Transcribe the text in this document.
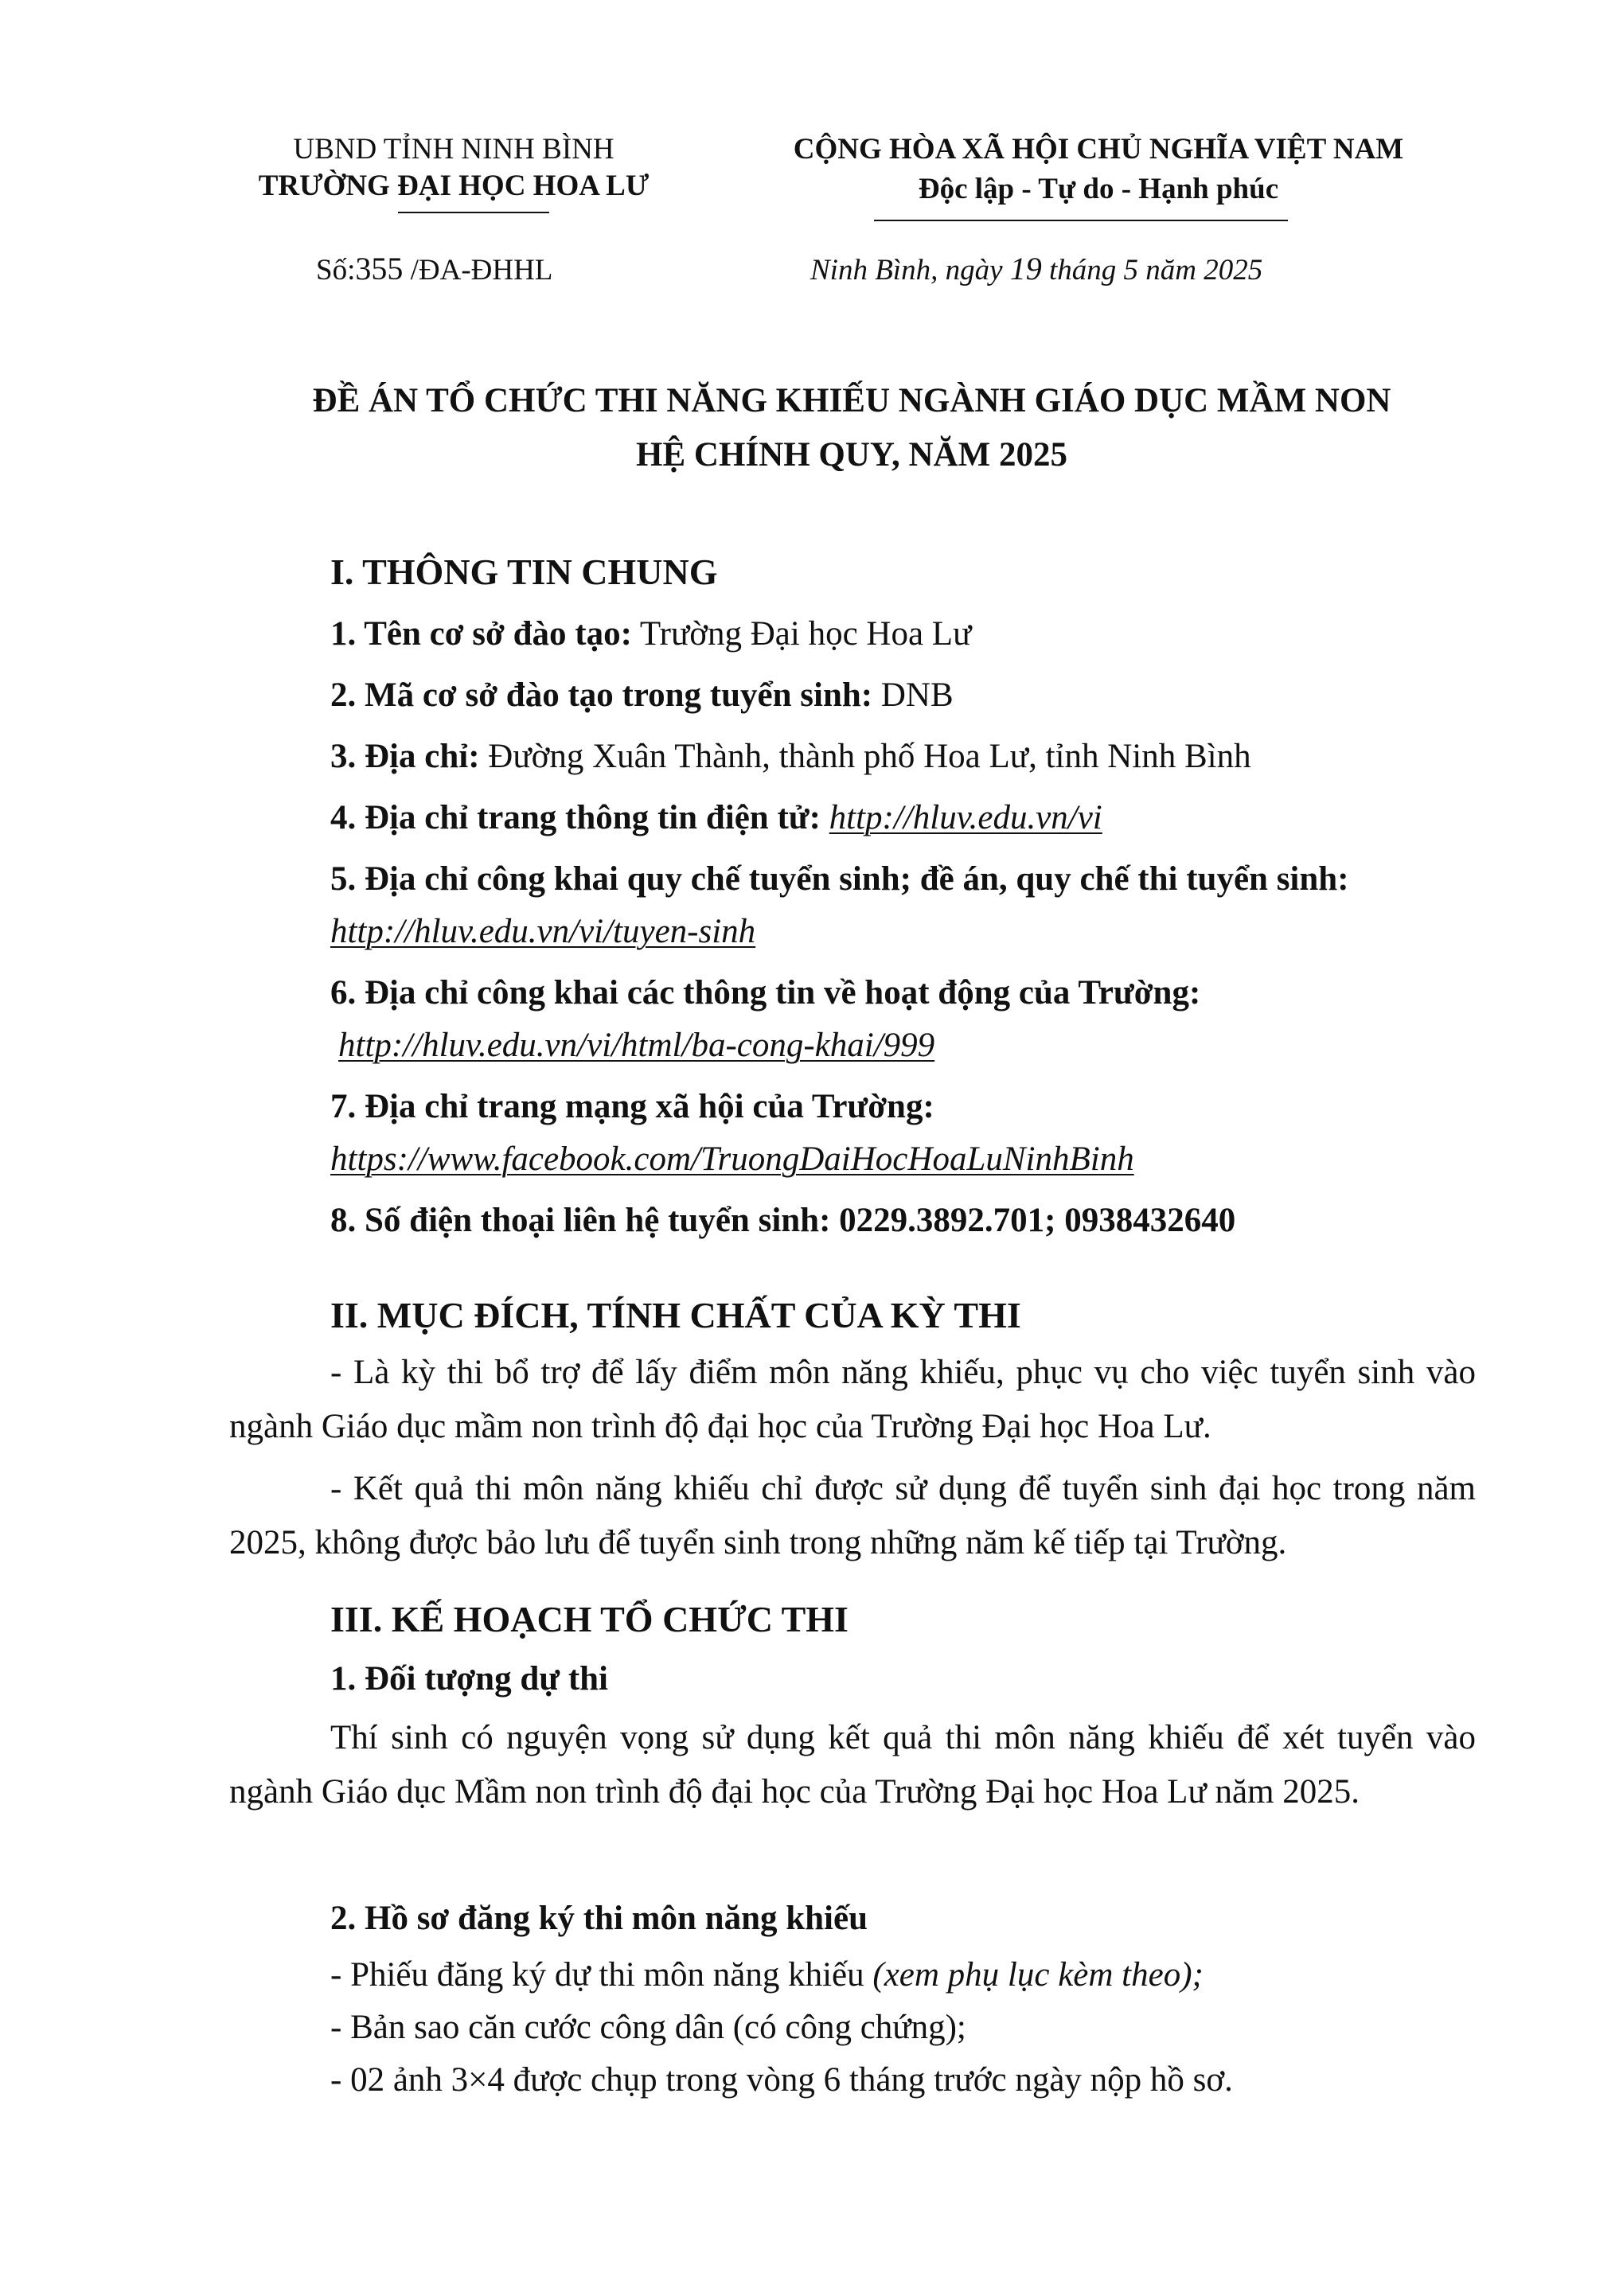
UBND TỈNH NINH BÌNH
TRƯỜNG ĐẠI HỌC HOA LƯ
CỘNG HÒA XÃ HỘI CHỦ NGHĨA VIỆT NAM
Độc lập - Tự do - Hạnh phúc
Số:355 /ĐA-ĐHHL	Ninh Bình, ngày 19 tháng 5 năm 2025
ĐỀ ÁN TỔ CHỨC THI NĂNG KHIẾU NGÀNH GIÁO DỤC MẦM NON
HỆ CHÍNH QUY, NĂM 2025
I. THÔNG TIN CHUNG
1. Tên cơ sở đào tạo: Trường Đại học Hoa Lư
2. Mã cơ sở đào tạo trong tuyển sinh: DNB
3. Địa chỉ: Đường Xuân Thành, thành phố Hoa Lư, tỉnh Ninh Bình
4. Địa chỉ trang thông tin điện tử: http://hluv.edu.vn/vi
5. Địa chỉ công khai quy chế tuyển sinh; đề án, quy chế thi tuyển sinh:
http://hluv.edu.vn/vi/tuyen-sinh
6. Địa chỉ công khai các thông tin về hoạt động của Trường:
http://hluv.edu.vn/vi/html/ba-cong-khai/999
7. Địa chỉ trang mạng xã hội của Trường:
https://www.facebook.com/TruongDaiHocHoaLuNinhBinh
8. Số điện thoại liên hệ tuyển sinh: 0229.3892.701; 0938432640
II. MỤC ĐÍCH, TÍNH CHẤT CỦA KỲ THI
- Là kỳ thi bổ trợ để lấy điểm môn năng khiếu, phục vụ cho việc tuyển sinh vào ngành Giáo dục mầm non trình độ đại học của Trường Đại học Hoa Lư.
- Kết quả thi môn năng khiếu chỉ được sử dụng để tuyển sinh đại học trong năm 2025, không được bảo lưu để tuyển sinh trong những năm kế tiếp tại Trường.
III. KẾ HOẠCH TỔ CHỨC THI
1. Đối tượng dự thi
Thí sinh có nguyện vọng sử dụng kết quả thi môn năng khiếu để xét tuyển vào ngành Giáo dục Mầm non trình độ đại học của Trường Đại học Hoa Lư năm 2025.
2. Hồ sơ đăng ký thi môn năng khiếu
- Phiếu đăng ký dự thi môn năng khiếu (xem phụ lục kèm theo);
- Bản sao căn cước công dân (có công chứng);
- 02 ảnh 3×4 được chụp trong vòng 6 tháng trước ngày nộp hồ sơ.
